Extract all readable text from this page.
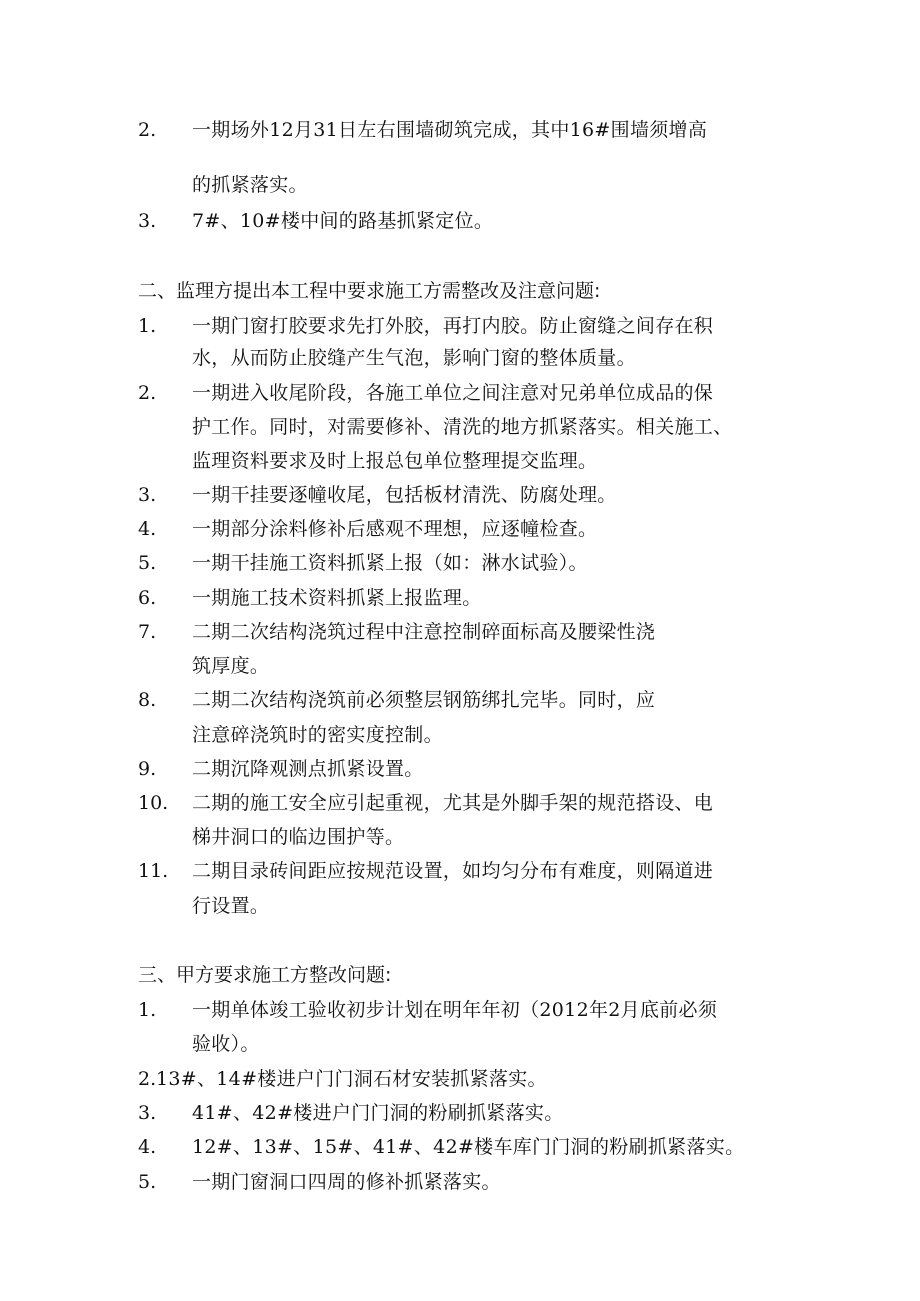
2. 一期场外12月31日左右围墙砌筑完成，其中16#围墙须增高
的抓紧落实。
3. 7#、10#楼中间的路基抓紧定位。
二、监理方提出本工程中要求施工方需整改及注意问题:
1. 一期门窗打胶要求先打外胶，再打内胶。防止窗缝之间存在积
水，从而防止胶缝产生气泡，影响门窗的整体质量。
2. 一期进入收尾阶段，各施工单位之间注意对兄弟单位成品的保
护工作。同时，对需要修补、清洗的地方抓紧落实。相关施工、
监理资料要求及时上报总包单位整理提交监理。
3. 一期干挂要逐幢收尾，包括板材清洗、防腐处理。
4. 一期部分涂料修补后感观不理想，应逐幢检查。
5. 一期干挂施工资料抓紧上报（如：淋水试验）。
6. 一期施工技术资料抓紧上报监理。
7. 二期二次结构浇筑过程中注意控制碎面标高及腰梁性浇
筑厚度。
8. 二期二次结构浇筑前必须整层钢筋绑扎完毕。同时，应
注意碎浇筑时的密实度控制。
9. 二期沉降观测点抓紧设置。
10. 二期的施工安全应引起重视，尤其是外脚手架的规范搭设、电
梯井洞口的临边围护等。
11. 二期目录砖间距应按规范设置，如均匀分布有难度，则隔道进
行设置。
三、甲方要求施工方整改问题:
1. 一期单体竣工验收初步计划在明年年初（2012年2月底前必须
验收）。
2. 13#、14#楼进户门门洞石材安装抓紧落实。
3. 41#、42#楼进户门门洞的粉刷抓紧落实。
4. 12#、13#、15#、41#、42#楼车库门门洞的粉刷抓紧落实。
5. 一期门窗洞口四周的修补抓紧落实。
